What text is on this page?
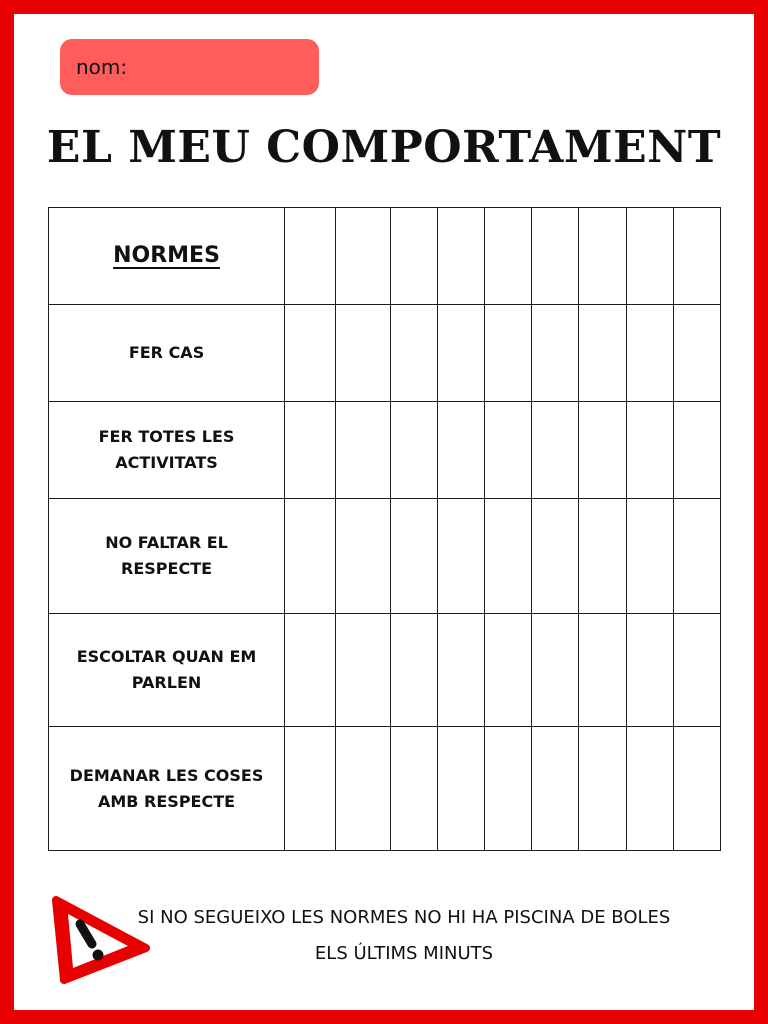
nom:
EL MEU COMPORTAMENT
NORMES									
FER CAS									
FER TOTES LES ACTIVITATS									
NO FALTAR EL RESPECTE									
ESCOLTAR QUAN EM PARLEN									
DEMANAR LES COSES AMB RESPECTE									
SI NO SEGUEIXO LES NORMES NO HI HA PISCINA DE BOLES ELS ÚLTIMS MINUTS
